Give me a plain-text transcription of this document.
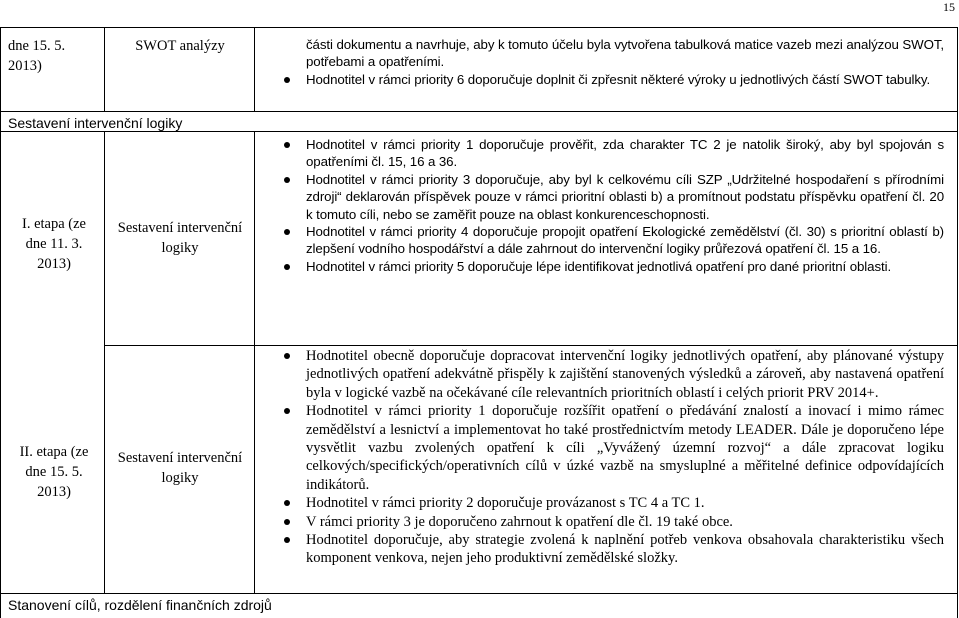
15
dne 15. 5. 2013)
Sestavení intervenční logiky
I. etapa (ze dne 11. 3. 2013)
II. etapa (ze dne 15. 5. 2013)
SWOT analýzy
Sestavení intervenční logiky
Sestavení intervenční logiky
Stanovení cílů, rozdělení finančních zdrojů
části dokumentu a navrhuje, aby k tomuto účelu byla vytvořena tabulková matice vazeb mezi analýzou SWOT, potřebami a opatřeními.
Hodnotitel v rámci priority 6 doporučuje doplnit či zpřesnit některé výroky u jednotlivých částí SWOT tabulky.
Hodnotitel v rámci priority 1 doporučuje prověřit, zda charakter TC 2 je natolik široký, aby byl spojován s opatřeními čl. 15, 16 a 36.
Hodnotitel v rámci priority 3 doporučuje, aby byl k celkovému cíli SZP „Udržitelné hospodaření s přírodními zdroji“ deklarován příspěvek pouze v rámci prioritní oblasti b) a promítnout podstatu příspěvku opatření čl. 20 k tomuto cíli, nebo se zaměřit pouze na oblast konkurenceschopnosti.
Hodnotitel v rámci priority 4 doporučuje propojit opatření Ekologické zemědělství (čl. 30) s prioritní oblastí b) zlepšení vodního hospodářství a dále zahrnout do intervenční logiky průřezová opatření čl. 15 a 16.
Hodnotitel v rámci priority 5 doporučuje lépe identifikovat jednotlivá opatření pro dané prioritní oblasti.
Hodnotitel obecně doporučuje dopracovat intervenční logiky jednotlivých opatření, aby plánované výstupy jednotlivých opatření adekvátně přispěly k zajištění stanovených výsledků a zároveň, aby nastavená opatření byla v logické vazbě na očekávané cíle relevantních prioritních oblastí i celých priorit PRV 2014+.
Hodnotitel v rámci priority 1 doporučuje rozšířit opatření o předávání znalostí a inovací i mimo rámec zemědělství a lesnictví a implementovat ho také prostřednictvím metody LEADER. Dále je doporučeno lépe vysvětlit vazbu zvolených opatření k cíli „Vyvážený územní rozvoj“ a dále zpracovat logiku celkových/specifických/operativních cílů v úzké vazbě na smysluplné a měřitelné definice odpovídajících indikátorů.
Hodnotitel v rámci priority 2 doporučuje provázanost s TC 4 a TC 1.
V rámci priority 3 je doporučeno zahrnout k opatření dle čl. 19 také obce.
Hodnotitel doporučuje, aby strategie zvolená k naplnění potřeb venkova obsahovala charakteristiku všech komponent venkova, nejen jeho produktivní zemědělské složky.
